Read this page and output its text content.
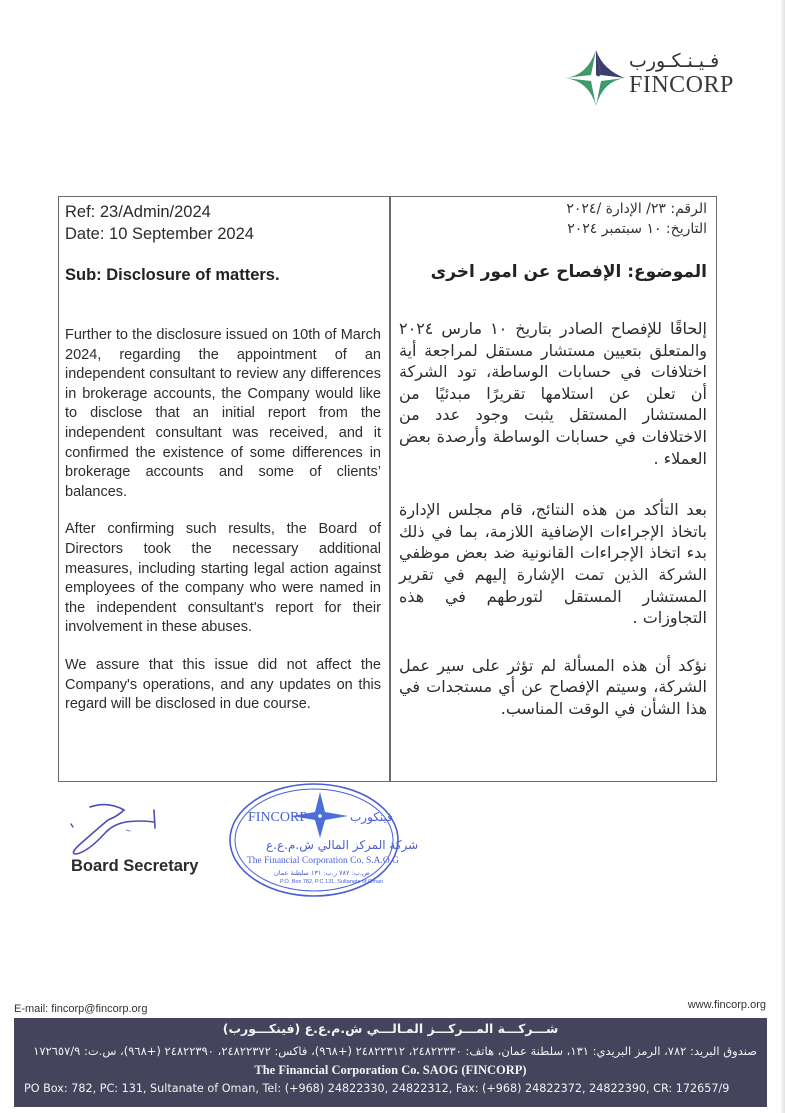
فـيـنـكـورب
FINCORP
Ref: 23/Admin/2024
Date: 10 September 2024
Sub: Disclosure of matters.

Further to the disclosure issued on 10th of March 2024, regarding the appointment of an independent consultant to review any differences in brokerage accounts, the Company would like to disclose that an initial report from the independent consultant was received, and it confirmed the existence of some differences in brokerage accounts and some of clients’ balances.

After confirming such results, the Board of Directors took the necessary additional measures, including starting legal action against employees of the company who were named in the independent consultant's report for their involvement in these abuses.

We assure that this issue did not affect the Company's operations, and any updates on this regard will be disclosed in due course.

الرقم: ٢٣/ الإدارة /٢٠٢٤
التاريخ: ١٠ سبتمبر ٢٠٢٤
الموضوع: الإفصاح عن امور اخرى

إلحاقًا للإفصاح الصادر بتاريخ ١٠ مارس ٢٠٢٤ والمتعلق بتعيين مستشار مستقل لمراجعة أية اختلافات في حسابات الوساطة، تود الشركة أن تعلن عن استلامها تقريرًا مبدئيًا من المستشار المستقل يثبت وجود عدد من الاختلافات في حسابات الوساطة وأرصدة بعض العملاء .

بعد التأكد من هذه النتائج، قام مجلس الإدارة باتخاذ الإجراءات الإضافية اللازمة، بما في ذلك بدء اتخاذ الإجراءات القانونية ضد بعض موظفي الشركة الذين تمت الإشارة إليهم في تقرير المستشار المستقل لتورطهم في هذه التجاوزات .

نؤكد أن هذه المسألة لم تؤثر على سير عمل الشركة، وسيتم الإفصاح عن أي مستجدات في هذا الشأن في الوقت المناسب.

Board Secretary
FINCORP	فينكورب
شركة المركز المالي ش.م.ع.ع
The Financial Corporation Co. S.A.O.G
ص.ب: ٧٨٢ ر.ب: ١٣١ سلطنة عمان
P.O. Box 782, P.C 131, Sultanate of Oman
E-mail: fincorp@fincorp.org	www.fincorp.org
شـــركـــة المـــركـــز المـالـــي ش.م.ع.ع (فينكـــورب)
صندوق البريد: ٧٨٢، الرمز البريدي: ١٣١، سلطنة عمان، هاتف: ٢٤٨٢٢٣٣٠، ٢٤٨٢٢٣١٢ (+٩٦٨)، فاكس: ٢٤٨٢٢٣٧٢، ٢٤٨٢٢٣٩٠ (+٩٦٨)، س.ت: ١٧٢٦٥٧/٩
The Financial Corporation Co. SAOG (FINCORP)
PO Box: 782, PC: 131, Sultanate of Oman, Tel: (+968) 24822330, 24822312, Fax: (+968) 24822372, 24822390, CR: 172657/9
